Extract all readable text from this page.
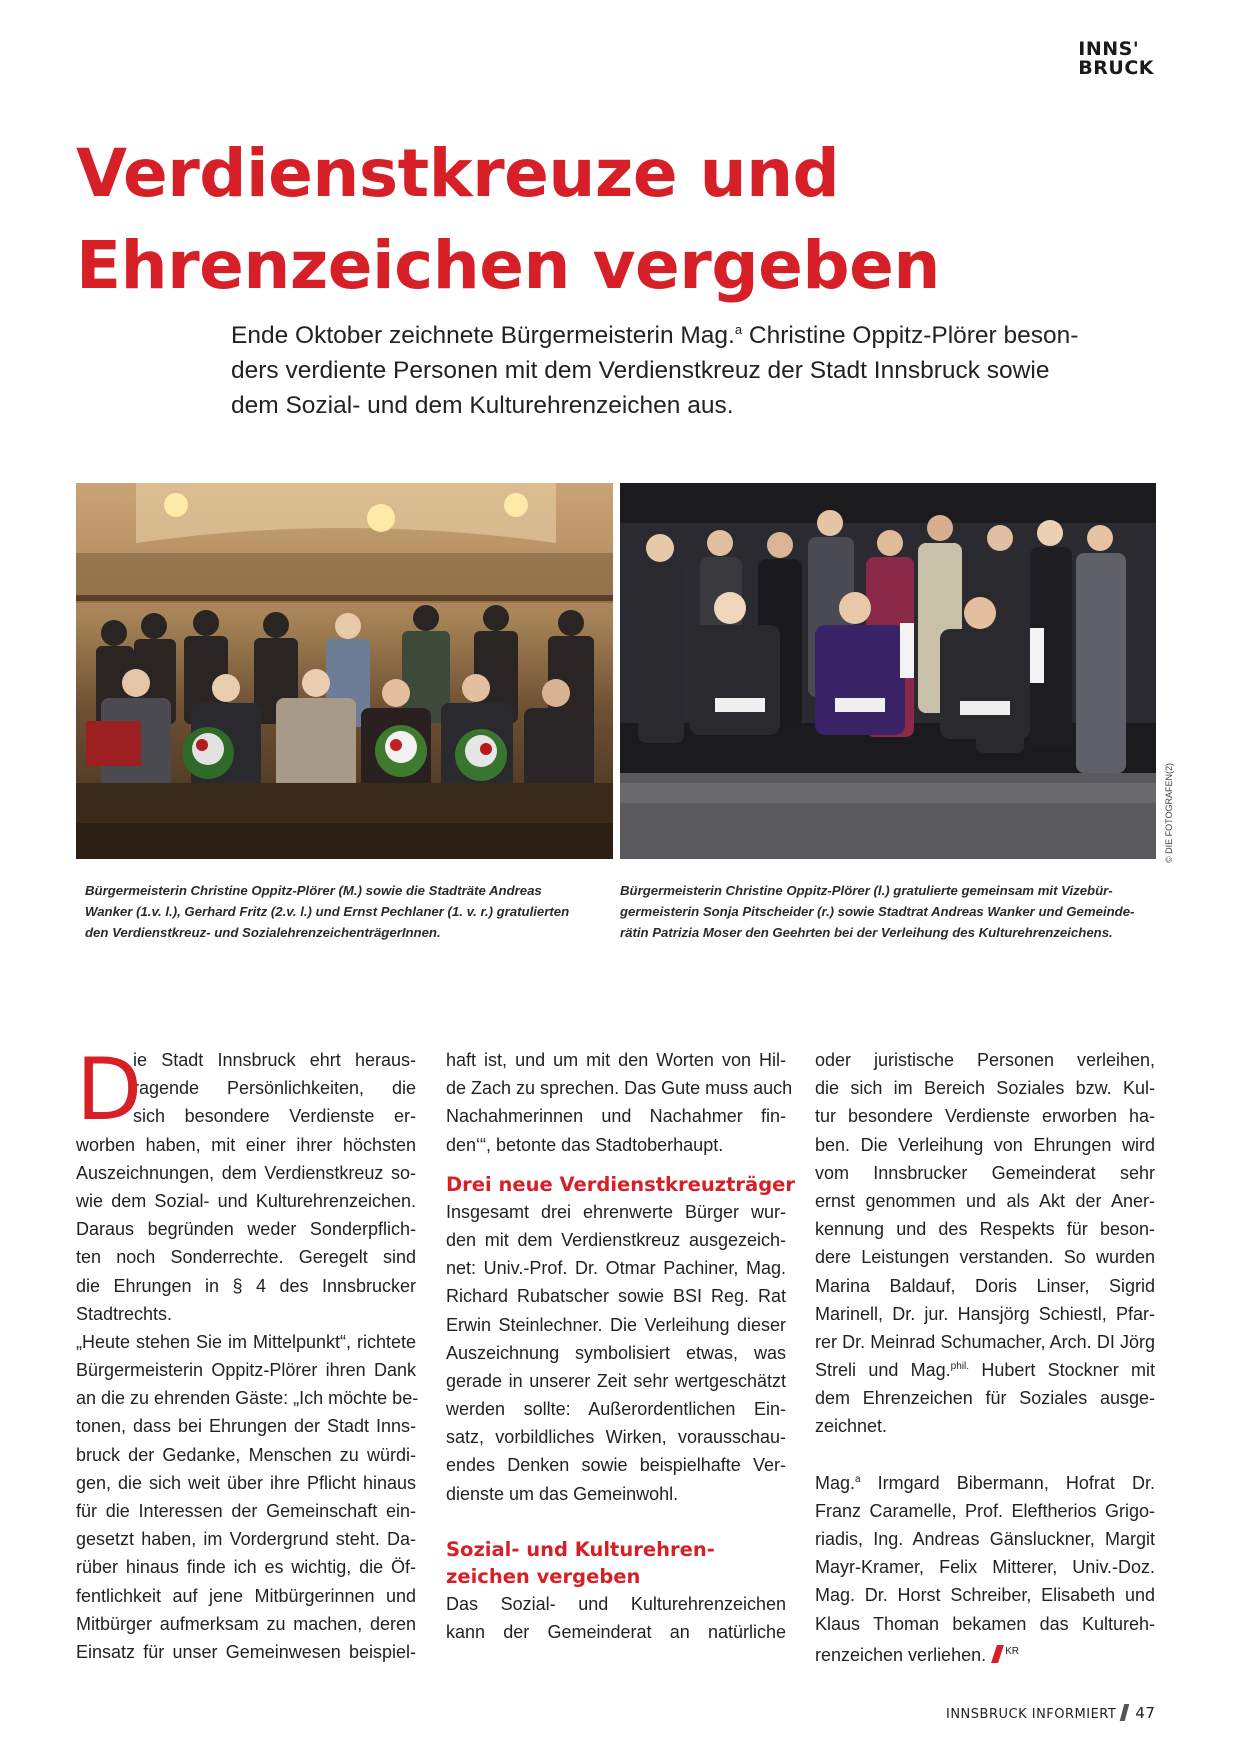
INNS'
BRUCK
Verdienstkreuze und
Ehrenzeichen vergeben
Ende Oktober zeichnete Bürgermeisterin Mag.$^a$ Christine Oppitz-Plörer beson-
ders verdiente Personen mit dem Verdienstkreuz der Stadt Innsbruck sowie
dem Sozial- und dem Kulturehrenzeichen aus.
© DIE FOTOGRAFEN(2)
Bürgermeisterin Christine Oppitz-Plörer (M.) sowie die Stadträte Andreas
Wanker (1.v. l.), Gerhard Fritz (2.v. l.) und Ernst Pechlaner (1. v. r.) gratulierten
den Verdienstkreuz- und SozialehrenzeichenträgerInnen.
Bürgermeisterin Christine Oppitz-Plörer (l.) gratulierte gemeinsam mit Vizebür-
germeisterin Sonja Pitscheider (r.) sowie Stadtrat Andreas Wanker und Gemeinde-
rätin Patrizia Moser den Geehrten bei der Verleihung des Kulturehrenzeichens.
D
ie Stadt Innsbruck ehrt heraus-
ragende Persönlichkeiten, die
sich besondere Verdienste er-
worben haben, mit einer ihrer höchsten
Auszeichnungen, dem Verdienstkreuz so-
wie dem Sozial- und Kulturehrenzeichen.
Daraus begründen weder Sonderpflich-
ten noch Sonderrechte. Geregelt sind
die Ehrungen in § 4 des Innsbrucker
Stadtrechts.
„Heute stehen Sie im Mittelpunkt“, richtete
Bürgermeisterin Oppitz-Plörer ihren Dank
an die zu ehrenden Gäste: „Ich möchte be-
tonen, dass bei Ehrungen der Stadt Inns-
bruck der Gedanke, Menschen zu würdi-
gen, die sich weit über ihre Pflicht hinaus
für die Interessen der Gemeinschaft ein-
gesetzt haben, im Vordergrund steht. Da-
rüber hinaus finde ich es wichtig, die Öf-
fentlichkeit auf jene Mitbürgerinnen und
Mitbürger aufmerksam zu machen, deren
Einsatz für unser Gemeinwesen beispiel-
haft ist, und um mit den Worten von Hil-
de Zach zu sprechen. Das Gute muss auch
Nachahmerinnen und Nachahmer fin-
den‘“, betonte das Stadtoberhaupt.
Drei neue Verdienstkreuzträger
Insgesamt drei ehrenwerte Bürger wur-
den mit dem Verdienstkreuz ausgezeich-
net: Univ.-Prof. Dr. Otmar Pachiner, Mag.
Richard Rubatscher sowie BSI Reg. Rat
Erwin Steinlechner. Die Verleihung dieser
Auszeichnung symbolisiert etwas, was
gerade in unserer Zeit sehr wertgeschätzt
werden sollte: Außerordentlichen Ein-
satz, vorbildliches Wirken, vorausschau-
endes Denken sowie beispielhafte Ver-
dienste um das Gemeinwohl.
Sozial- und Kulturehren-
zeichen vergeben
Das Sozial- und Kulturehrenzeichen
kann der Gemeinderat an natürliche
oder juristische Personen verleihen,
die sich im Bereich Soziales bzw. Kul-
tur besondere Verdienste erworben ha-
ben. Die Verleihung von Ehrungen wird
vom Innsbrucker Gemeinderat sehr
ernst genommen und als Akt der Aner-
kennung und des Respekts für beson-
dere Leistungen verstanden. So wurden
Marina Baldauf, Doris Linser, Sigrid
Marinell, Dr. jur. Hansjörg Schiestl, Pfar-
rer Dr. Meinrad Schumacher, Arch. DI Jörg
Streli und Mag.$^{phil.}$ Hubert Stockner mit
dem Ehrenzeichen für Soziales ausge-
zeichnet.
Mag.$^a$ Irmgard Bibermann, Hofrat Dr.
Franz Caramelle, Prof. Eleftherios Grigo-
riadis, Ing. Andreas Gänsluckner, Margit
Mayr-Kramer, Felix Mitterer, Univ.-Doz.
Mag. Dr. Horst Schreiber, Elisabeth und
Klaus Thoman bekamen das Kultureh-
renzeichen verliehen. $^{KR}$
INNSBRUCK INFORMIERT 47
